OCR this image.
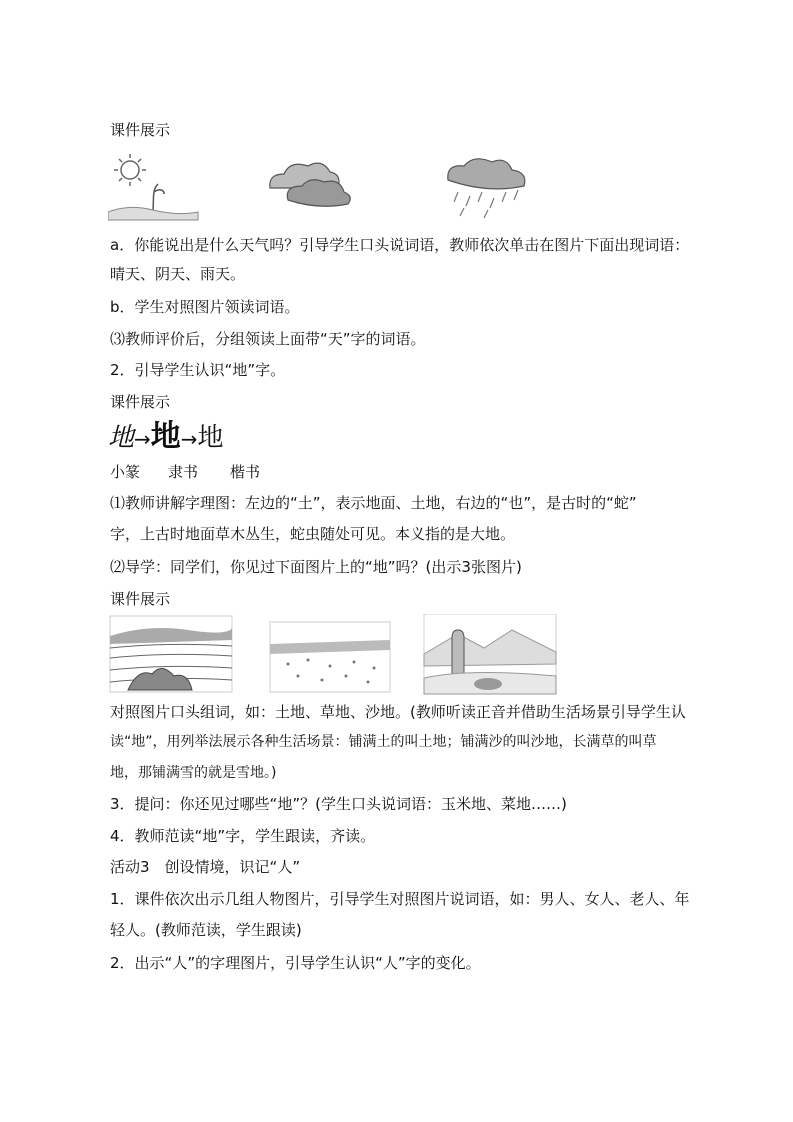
课件展示
a．你能说出是什么天气吗？引导学生口头说词语，教师依次单击在图片下面出现词语：
晴天、阴天、雨天。
b．学生对照图片领读词语。
⑶教师评价后，分组领读上面带“天”字的词语。
2．引导学生认识“地”字。
课件展示
地→地→地
小篆 隶书 楷书
⑴教师讲解字理图：左边的“土”，表示地面、土地，右边的“也”，是古时的“蛇”
字，上古时地面草木丛生，蛇虫随处可见。本义指的是大地。
⑵导学：同学们，你见过下面图片上的“地”吗？(出示3张图片)
课件展示
对照图片口头组词，如：土地、草地、沙地。(教师听读正音并借助生活场景引导学生认
读“地”，用列举法展示各种生活场景：铺满土的叫土地；铺满沙的叫沙地，长满草的叫草
地，那铺满雪的就是雪地。)
3．提问：你还见过哪些“地”？(学生口头说词语：玉米地、菜地……)
4．教师范读“地”字，学生跟读，齐读。
活动3　创设情境，识记“人”
1．课件依次出示几组人物图片，引导学生对照图片说词语，如：男人、女人、老人、年
轻人。(教师范读，学生跟读)
2．出示“人”的字理图片，引导学生认识“人”字的变化。
